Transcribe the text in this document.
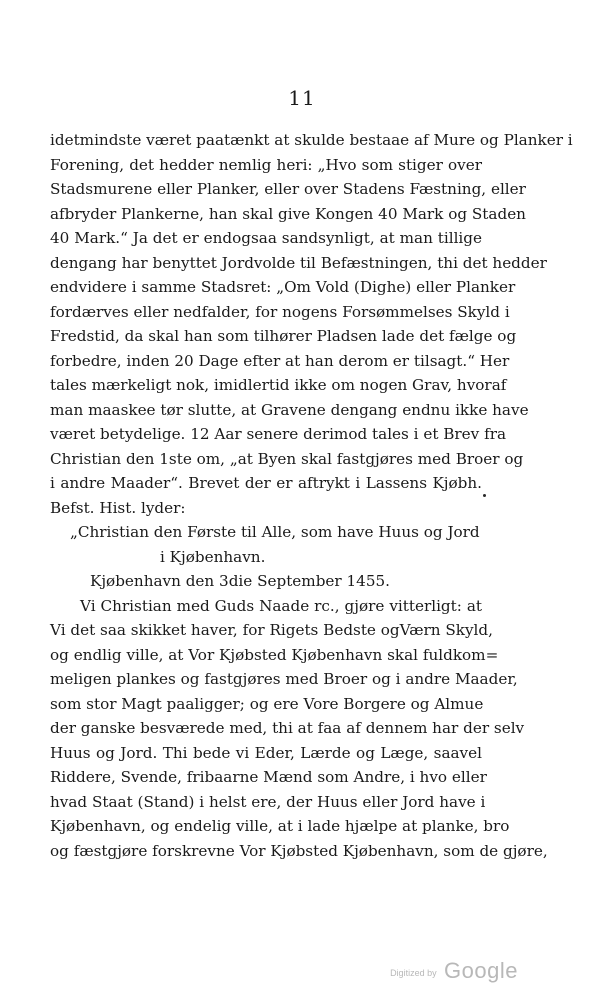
11
idetmindste været paatænkt at skulde bestaae af Mure og Planker i
Forening, det hedder nemlig heri: „Hvo som stiger over
Stadsmurene eller Planker, eller over Stadens Fæstning, eller
afbryder Plankerne, han skal give Kongen 40 Mark og Staden
40 Mark.“ Ja det er endogsaa sandsynligt, at man tillige
dengang har benyttet Jordvolde til Befæstningen, thi det hedder
endvidere i samme Stadsret: „Om Vold (Dighe) eller Planker
fordærves eller nedfalder, for nogens Forsømmelses Skyld i
Fredstid, da skal han som tilhører Pladsen lade det fælge og
forbedre, inden 20 Dage efter at han derom er tilsagt.“ Her
tales mærkeligt nok, imidlertid ikke om nogen Grav, hvoraf
man maaskee tør slutte, at Gravene dengang endnu ikke have
været betydelige. 12 Aar senere derimod tales i et Brev fra
Christian den 1ste om, „at Byen skal fastgjøres med Broer og
i andre Maader“. Brevet der er aftrykt i Lassens Kjøbh.
Befst. Hist. lyder:
„Christian den Første til Alle, som have Huus og Jord
i Kjøbenhavn.
Kjøbenhavn den 3die September 1455.
Vi Christian med Guds Naade rc., gjøre vitterligt: at
Vi det saa skikket haver, for Rigets Bedste ogVærn Skyld,
og endlig ville, at Vor Kjøbsted Kjøbenhavn skal fuldkom=
meligen plankes og fastgjøres med Broer og i andre Maader,
som stor Magt paaligger; og ere Vore Borgere og Almue
der ganske besværede med, thi at faa af dennem har der selv
Huus og Jord. Thi bede vi Eder, Lærde og Læge, saavel
Riddere, Svende, fribaarne Mænd som Andre, i hvo eller
hvad Staat (Stand) i helst ere, der Huus eller Jord have i
Kjøbenhavn, og endelig ville, at i lade hjælpe at planke, bro
og fæstgjøre forskrevne Vor Kjøbsted Kjøbenhavn, som de gjøre,
Digitized by Google
